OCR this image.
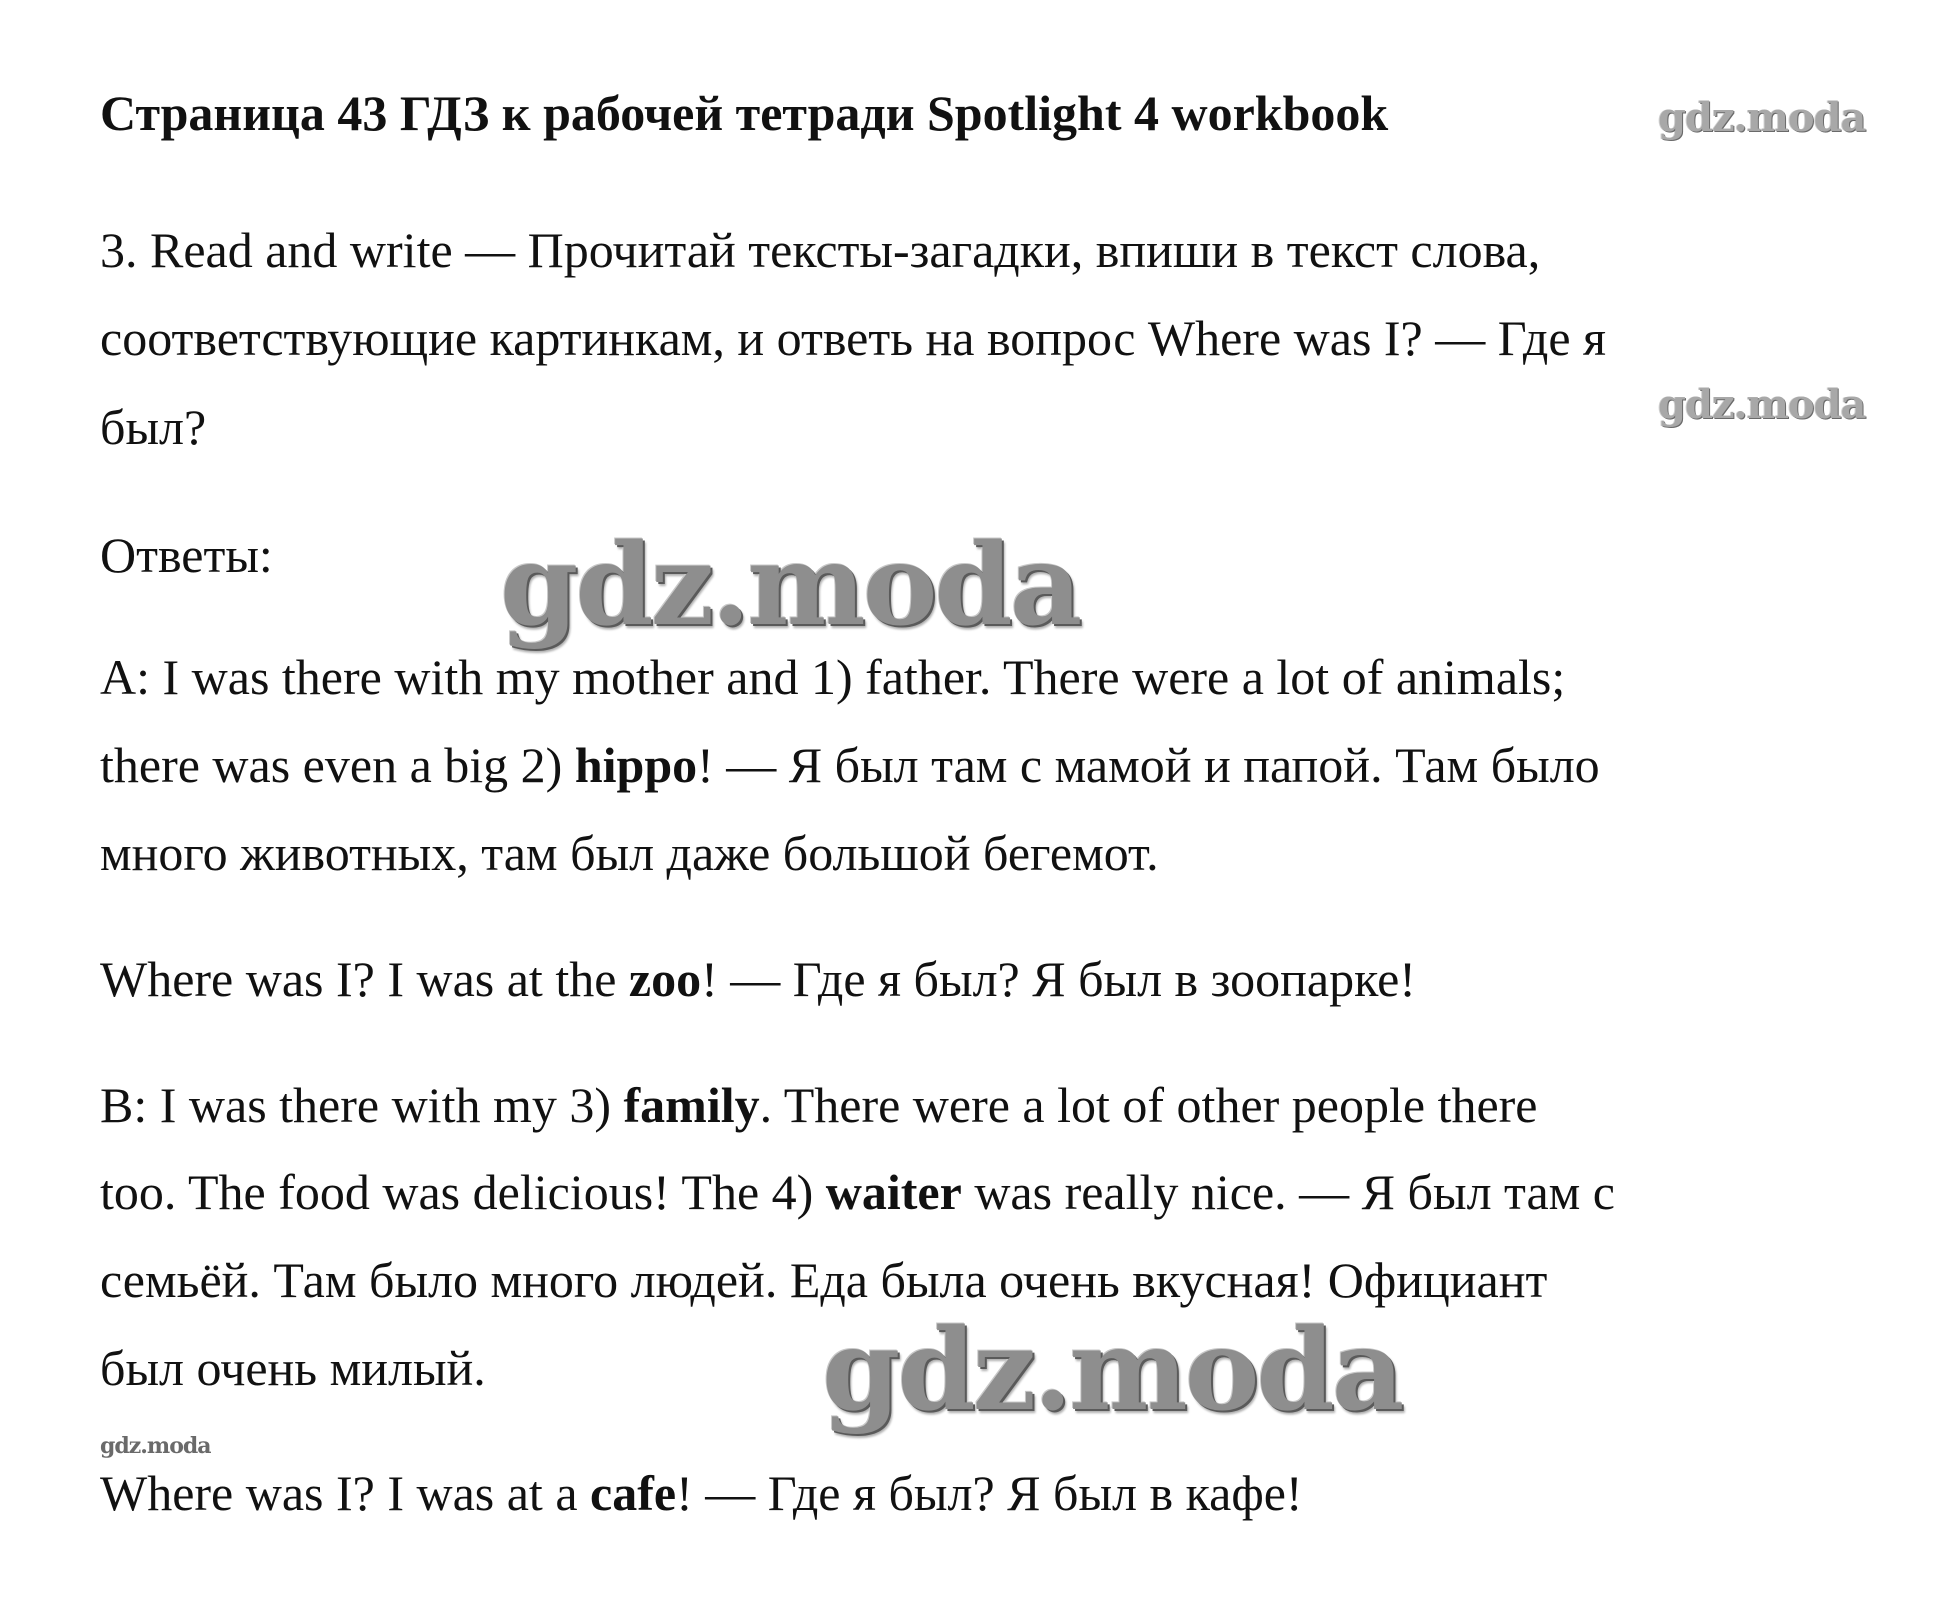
Страница 43 ГДЗ к рабочей тетради Spotlight 4 workbook	gdz.moda
3. Read and write — Прочитай тексты-загадки, впиши в текст слова,
соответствующие картинкам, и ответь на вопрос Where was I? — Где я
gdz.moda
был?
Ответы: gdz.moda
A: I was there with my mother and 1) father. There were a lot of animals;
there was even a big 2) hippo! — Я был там с мамой и папой. Там было
много животных, там был даже большой бегемот.
Where was I? I was at the zoo! — Где я был? Я был в зоопарке!
B: I was there with my 3) family. There were a lot of other people there
too. The food was delicious! The 4) waiter was really nice. — Я был там с
семьёй. Там было много людей. Еда была очень вкусная! Официант
был очень милый.	gdz.moda
gdz.moda
Where was I? I was at a cafe! — Где я был? Я был в кафе!
